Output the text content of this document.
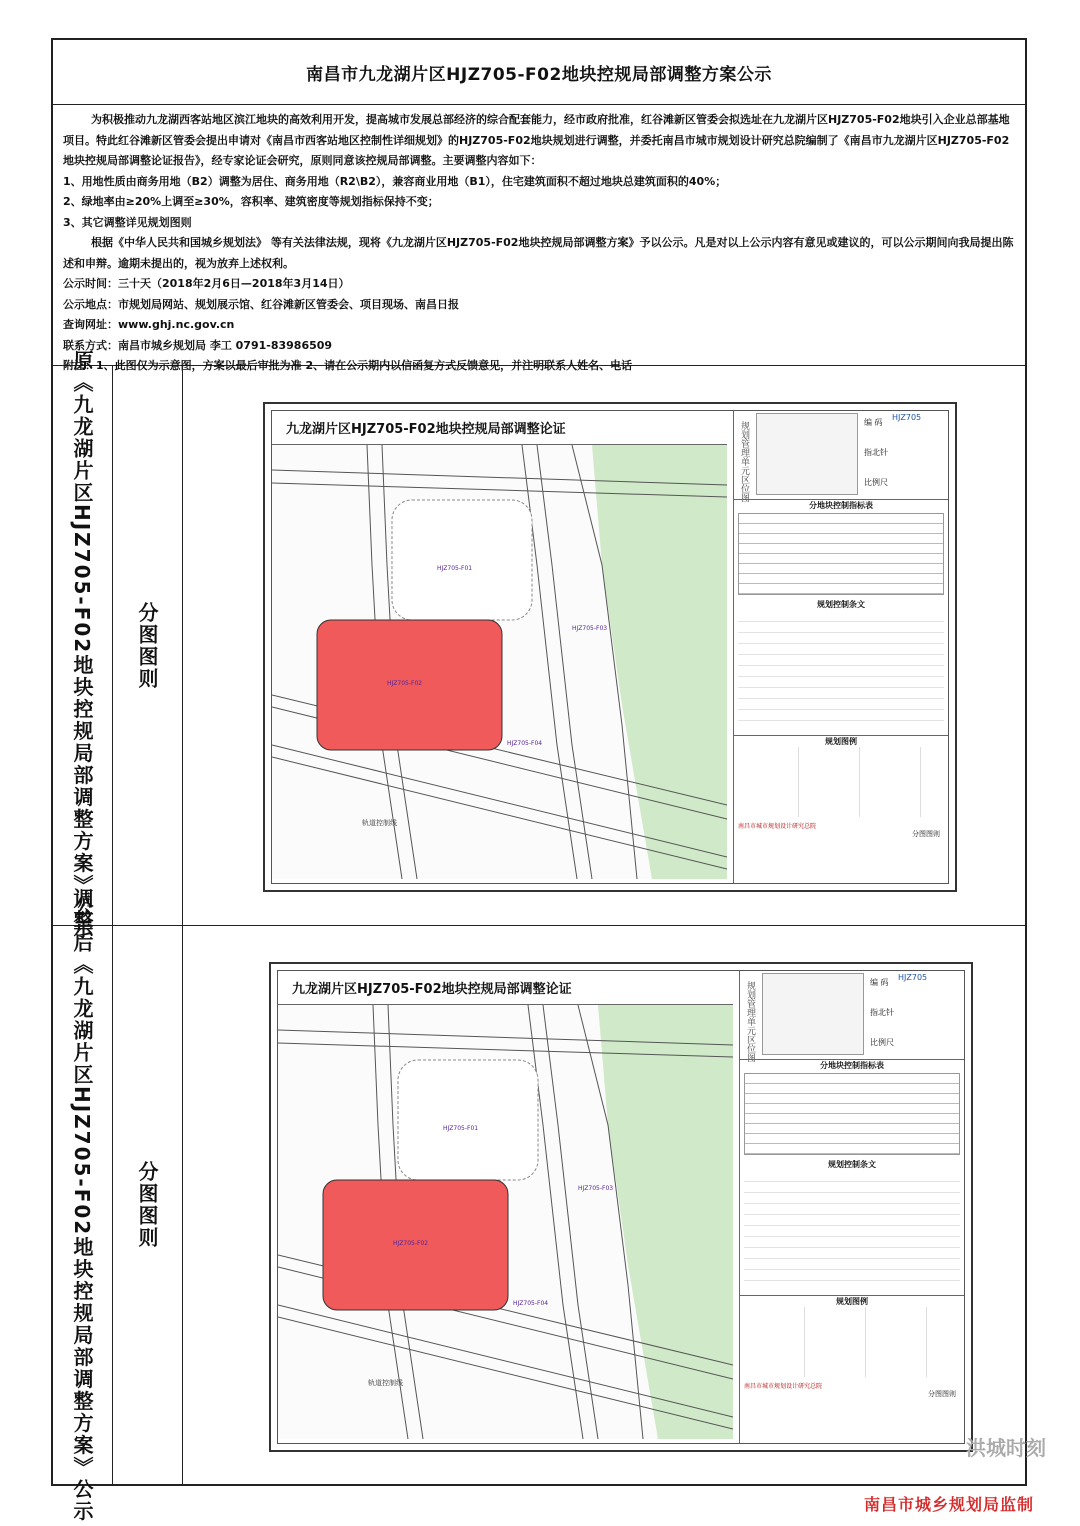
南昌市九龙湖片区HJZ705-F02地块控规局部调整方案公示

为积极推动九龙湖西客站地区滨江地块的高效利用开发，提高城市发展总部经济的综合配套能力，经市政府批准，红谷滩新区管委会拟选址在九龙湖片区HJZ705-F02地块引入企业总部基地项目。特此红谷滩新区管委会提出申请对《南昌市西客站地区控制性详细规划》的HJZ705-F02地块规划进行调整，并委托南昌市城市规划设计研究总院编制了《南昌市九龙湖片区HJZ705-F02地块控规局部调整论证报告》，经专家论证会研究，原则同意该控规局部调整。主要调整内容如下：

1、用地性质由商务用地（B2）调整为居住、商务用地（R2\B2），兼容商业用地（B1），住宅建筑面积不超过地块总建筑面积的40%；

2、绿地率由≥20%上调至≥30%，容积率、建筑密度等规划指标保持不变；

3、其它调整详见规划图则

根据《中华人民共和国城乡规划法》 等有关法律法规，现将《九龙湖片区HJZ705-F02地块控规局部调整方案》予以公示。凡是对以上公示内容有意见或建议的，可以公示期间向我局提出陈述和申辩。逾期未提出的，视为放弃上述权利。

公示时间：三十天（2018年2月6日—2018年3月14日）

公示地点：市规划局网站、规划展示馆、红谷滩新区管委会、项目现场、南昌日报

查询网址：www.ghj.nc.gov.cn

联系方式：南昌市城乡规划局 李工 0791-83986509

附注：1、此图仅为示意图，方案以最后审批为准 2、请在公示期内以信函复方式反馈意见，并注明联系人姓名、电话

原《九龙湖片区HJZ705-F02地块控规局部调整方案》公示 分图图则
九龙湖片区HJZ705-F02地块控规局部调整论证
HJZ705-F01
HJZ705-F02
HJZ705-F03
HJZ705-F04
轨道控制线
规划管理单元区位图	编 码
HJZ705
指北针
比例尺
分地块控制指标表
规划控制条文
规划图例
南昌市城市规划设计研究总院
分图图则
调整后《九龙湖片区HJZ705-F02地块控规局部调整方案》公示 分图图则
九龙湖片区HJZ705-F02地块控规局部调整论证
HJZ705-F01
HJZ705-F02
HJZ705-F03
HJZ705-F04
轨道控制线
规划管理单元区位图	编 码
HJZ705
指北针
比例尺
分地块控制指标表
规划控制条文
规划图例
南昌市城市规划设计研究总院
分图图则
洪城时刻
南昌市城乡规划局监制
